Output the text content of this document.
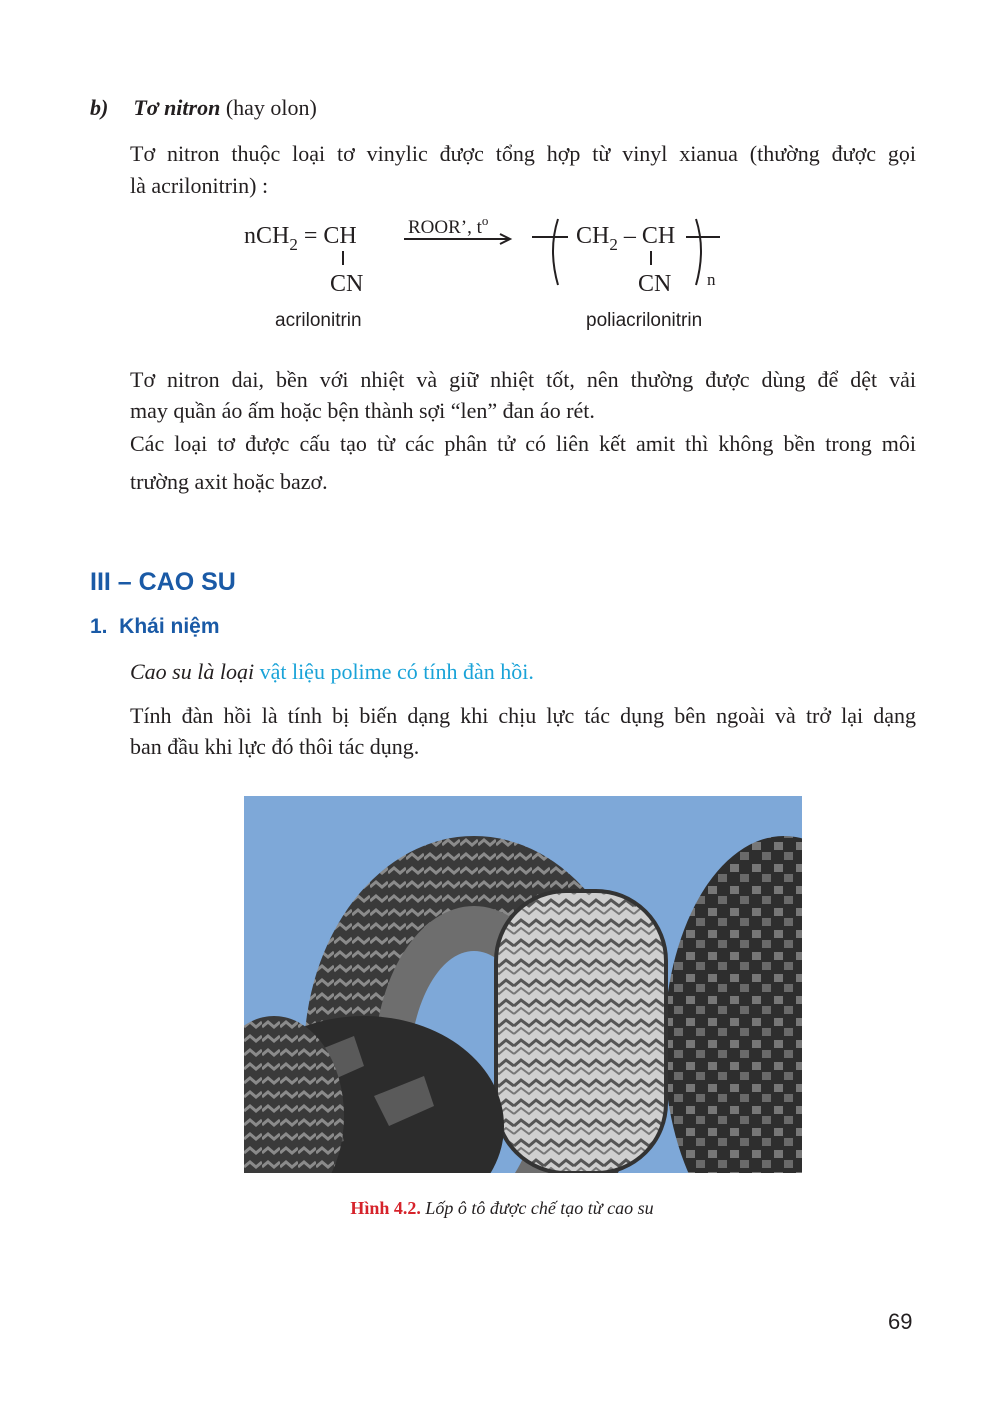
b) Tơ nitron (hay olon)
Tơ nitron thuộc loại tơ vinylic được tổng hợp từ vinyl xianua (thường được gọi
là acrilonitrin) :
nCH$_2$ = CH
CN
ROOR’, $t^o$
$CH_2$ – CH
CN n
acrilonitrin	poliacrilonitrin
Tơ nitron dai, bền với nhiệt và giữ nhiệt tốt, nên thường được dùng để dệt vải
may quần áo ấm hoặc bện thành sợi “len” đan áo rét.
Các loại tơ được cấu tạo từ các phân tử có liên kết amit thì không bền trong môi
trường axit hoặc bazơ.
III – CAO SU
1.  Khái niệm
Cao su là loại vật liệu polime có tính đàn hồi.
Tính đàn hồi là tính bị biến dạng khi chịu lực tác dụng bên ngoài và trở lại dạng
ban đầu khi lực đó thôi tác dụng.
Hình 4.2. Lốp ô tô được chế tạo từ cao su
69
